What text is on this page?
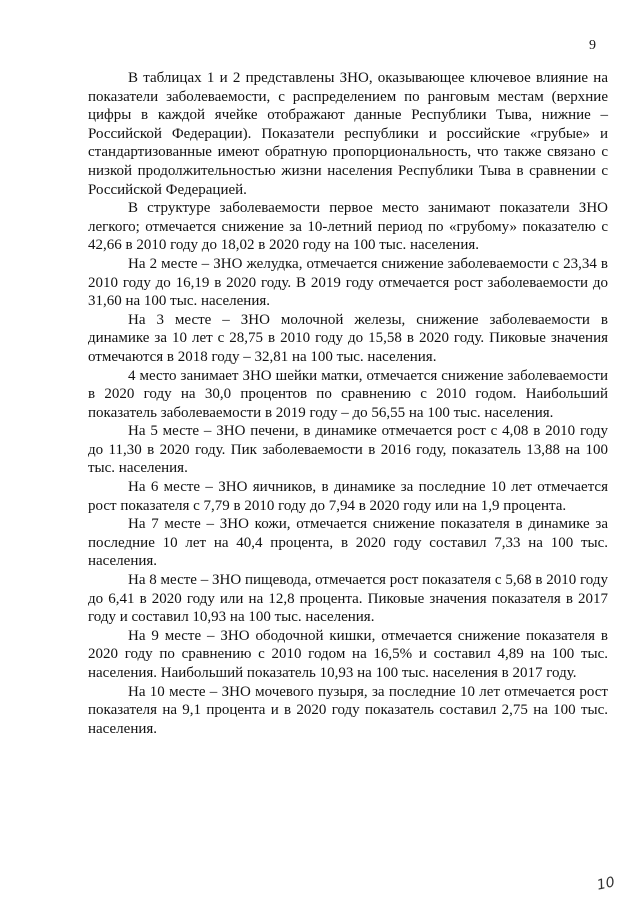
9

В таблицах 1 и 2 представлены ЗНО, оказывающее ключевое влияние на показатели заболеваемости, с распределением по ранговым местам (верхние цифры в каждой ячейке отображают данные Республики Тыва, нижние – Российской Федерации). Показатели республики и российские «грубые» и стандартизованные имеют обратную пропорциональность, что также связано с низкой продолжительностью жизни населения Республики Тыва в сравнении с Российской Федерацией.

В структуре заболеваемости первое место занимают показатели ЗНО легкого; отмечается снижение за 10-летний период по «грубому» показателю с 42,66 в 2010 году до 18,02 в 2020 году на 100 тыс. населения.

На 2 месте – ЗНО желудка, отмечается снижение заболеваемости с 23,34 в 2010 году до 16,19 в 2020 году. В 2019 году отмечается рост заболеваемости до 31,60 на 100 тыс. населения.

На 3 месте – ЗНО молочной железы, снижение заболеваемости в динамике за 10 лет с 28,75 в 2010 году до 15,58 в 2020 году. Пиковые значения отмечаются в 2018 году – 32,81 на 100 тыс. населения.

4 место занимает ЗНО шейки матки, отмечается снижение заболеваемости в 2020 году на 30,0 процентов по сравнению с 2010 годом. Наибольший показатель заболеваемости в 2019 году – до 56,55 на 100 тыс. населения.

На 5 месте – ЗНО печени, в динамике отмечается рост с 4,08 в 2010 году до 11,30 в 2020 году. Пик заболеваемости в 2016 году, показатель 13,88 на 100 тыс. населения.

На 6 месте – ЗНО яичников, в динамике за последние 10 лет отмечается рост показателя с 7,79 в 2010 году до 7,94 в 2020 году или на 1,9 процента.

На 7 месте – ЗНО кожи, отмечается снижение показателя в динамике за последние 10 лет на 40,4 процента, в 2020 году составил 7,33 на 100 тыс. населения.

На 8 месте – ЗНО пищевода, отмечается рост показателя с 5,68 в 2010 году до 6,41 в 2020 году или на 12,8 процента. Пиковые значения показателя в 2017 году и составил 10,93 на 100 тыс. населения.

На 9 месте – ЗНО ободочной кишки, отмечается снижение показателя в 2020 году по сравнению с 2010 годом на 16,5% и составил 4,89 на 100 тыс. населения. Наибольший показатель 10,93 на 100 тыс. населения в 2017 году.

На 10 месте – ЗНО мочевого пузыря, за последние 10 лет отмечается рост показателя на 9,1 процента и в 2020 году показатель составил 2,75 на 100 тыс. населения.

10
